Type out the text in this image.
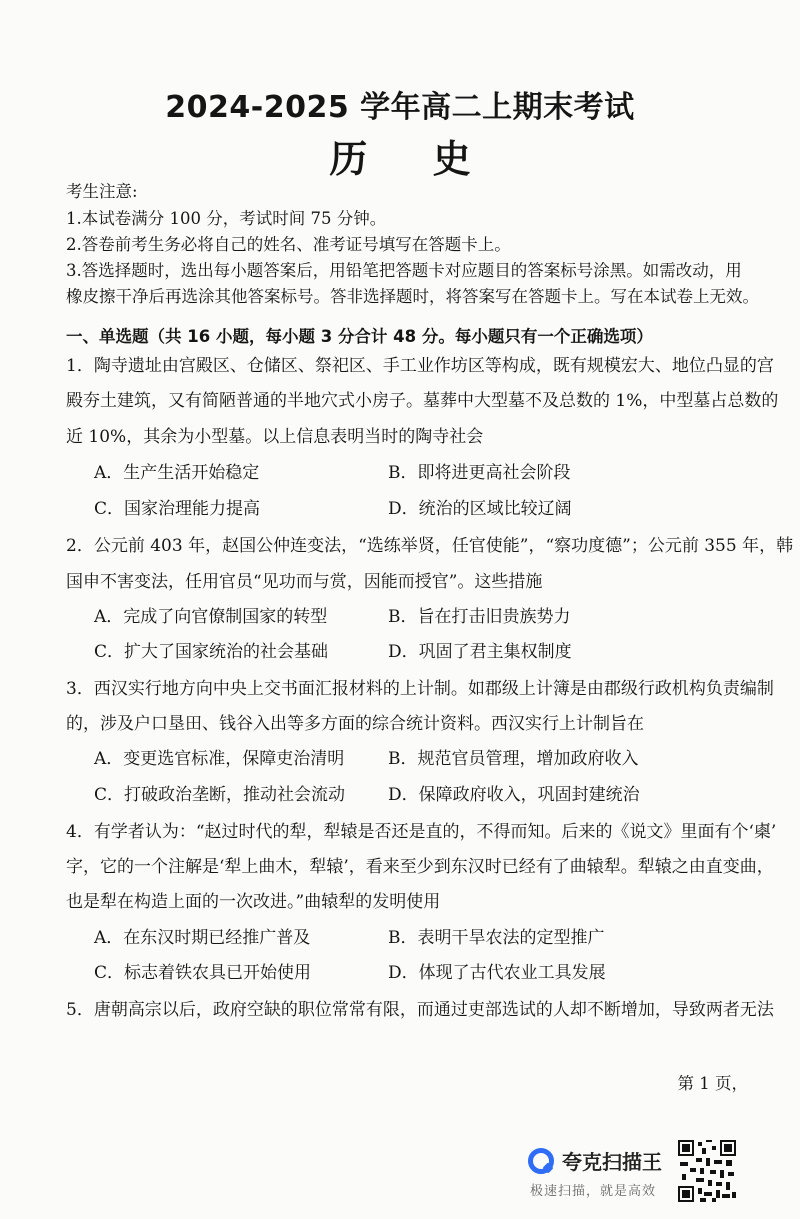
2024-2025 学年高二上期末考试
历 史
考生注意:
1.本试卷满分 100 分，考试时间 75 分钟。
2.答卷前考生务必将自己的姓名、准考证号填写在答题卡上。
3.答选择题时，选出每小题答案后，用铅笔把答题卡对应题目的答案标号涂黑。如需改动，用
橡皮擦干净后再选涂其他答案标号。答非选择题时，将答案写在答题卡上。写在本试卷上无效。
一、单选题（共 16 小题，每小题 3 分合计 48 分。每小题只有一个正确选项）
1．陶寺遗址由宫殿区、仓储区、祭祀区、手工业作坊区等构成，既有规模宏大、地位凸显的宫
殿夯土建筑，又有简陋普通的半地穴式小房子。墓葬中大型墓不及总数的 1%，中型墓占总数的
近 10%，其余为小型墓。以上信息表明当时的陶寺社会
A．生产生活开始稳定	B．即将进更高社会阶段
C．国家治理能力提高	D．统治的区域比较辽阔
2．公元前 403 年，赵国公仲连变法，“选练举贤，任官使能”，“察功度德”；公元前 355 年，韩
国申不害变法，任用官员“见功而与赏，因能而授官”。这些措施
A．完成了向官僚制国家的转型	B．旨在打击旧贵族势力
C．扩大了国家统治的社会基础	D．巩固了君主集权制度
3．西汉实行地方向中央上交书面汇报材料的上计制。如郡级上计簿是由郡级行政机构负责编制
的，涉及户口垦田、钱谷入出等多方面的综合统计资料。西汉实行上计制旨在
A．变更选官标准，保障吏治清明	B．规范官员管理，增加政府收入
C．打破政治垄断，推动社会流动	D．保障政府收入，巩固封建统治
4．有学者认为：“赵过时代的犁，犁辕是否还是直的，不得而知。后来的《说文》里面有个‘㮚’
字，它的一个注解是‘犁上曲木，犁辕’，看来至少到东汉时已经有了曲辕犁。犁辕之由直变曲，
也是犁在构造上面的一次改进。”曲辕犁的发明使用
A．在东汉时期已经推广普及	B．表明干旱农法的定型推广
C．标志着铁农具已开始使用	D．体现了古代农业工具发展
5．唐朝高宗以后，政府空缺的职位常常有限，而通过吏部选试的人却不断增加，导致两者无法
第 1 页，
夸克扫描王
极速扫描，就是高效
